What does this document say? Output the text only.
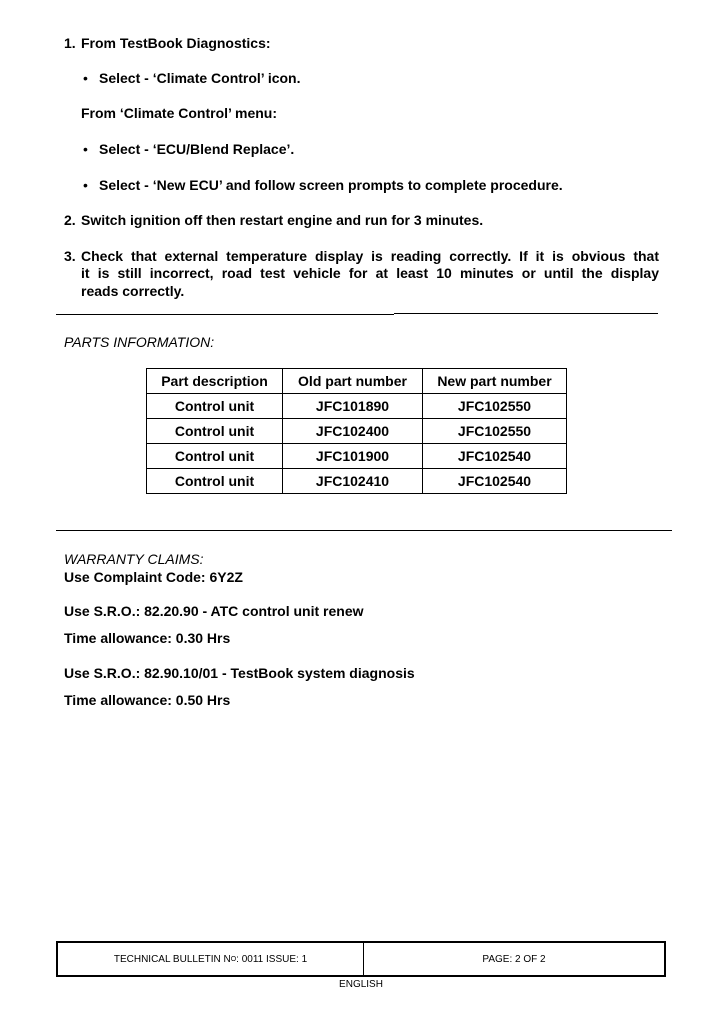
1. From TestBook Diagnostics:
• Select - ‘Climate Control’ icon.
From ‘Climate Control’ menu:
• Select - ‘ECU/Blend Replace’.
• Select - ‘New ECU’ and follow screen prompts to complete procedure.
2. Switch ignition off then restart engine and run for 3 minutes.
3. Check that external temperature display is reading correctly. If it is obvious that
it is still incorrect, road test vehicle for at least 10 minutes or until the display
reads correctly.
PARTS INFORMATION:
Part description	Old part number	New part number
Control unit	JFC101890	JFC102550
Control unit	JFC102400	JFC102550
Control unit	JFC101900	JFC102540
Control unit	JFC102410	JFC102540
WARRANTY CLAIMS:
Use Complaint Code: 6Y2Z
Use S.R.O.: 82.20.90 - ATC control unit renew
Time allowance: 0.30 Hrs
Use S.R.O.: 82.90.10/01 - TestBook system diagnosis
Time allowance: 0.50 Hrs
TECHNICAL BULLETIN N O : 0011 ISSUE: 1	PAGE: 2 OF 2
ENGLISH
